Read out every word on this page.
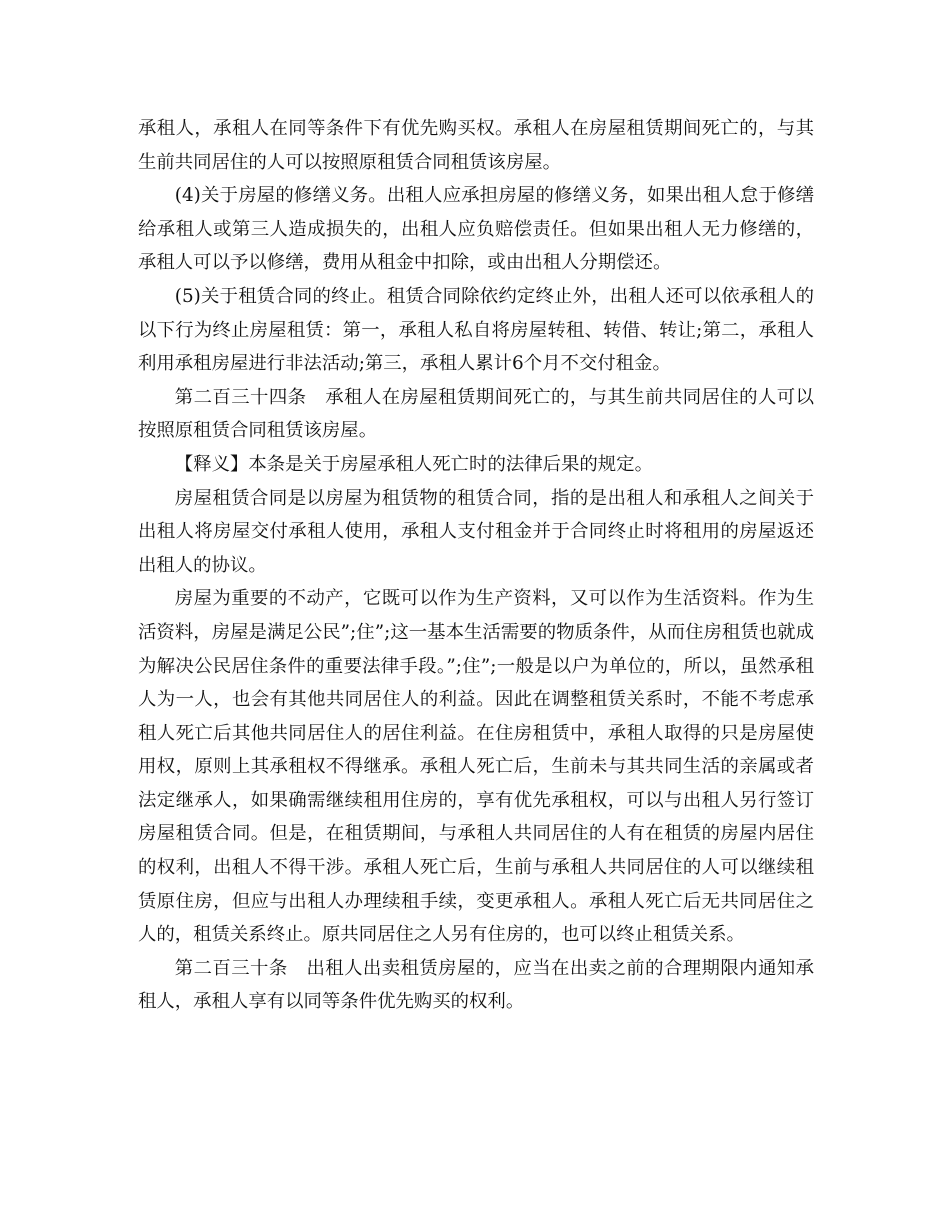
承租人，承租人在同等条件下有优先购买权。承租人在房屋租赁期间死亡的，与其生前共同居住的人可以按照原租赁合同租赁该房屋。

(4)关于房屋的修缮义务。出租人应承担房屋的修缮义务，如果出租人怠于修缮给承租人或第三人造成损失的，出租人应负赔偿责任。但如果出租人无力修缮的，承租人可以予以修缮，费用从租金中扣除，或由出租人分期偿还。

(5)关于租赁合同的终止。租赁合同除依约定终止外，出租人还可以依承租人的以下行为终止房屋租赁：第一，承租人私自将房屋转租、转借、转让;第二，承租人利用承租房屋进行非法活动;第三，承租人累计6个月不交付租金。

第二百三十四条　承租人在房屋租赁期间死亡的，与其生前共同居住的人可以按照原租赁合同租赁该房屋。

【释义】本条是关于房屋承租人死亡时的法律后果的规定。

房屋租赁合同是以房屋为租赁物的租赁合同，指的是出租人和承租人之间关于出租人将房屋交付承租人使用，承租人支付租金并于合同终止时将租用的房屋返还出租人的协议。

房屋为重要的不动产，它既可以作为生产资料，又可以作为生活资料。作为生活资料，房屋是满足公民”;住”;这一基本生活需要的物质条件，从而住房租赁也就成为解决公民居住条件的重要法律手段。”;住”;一般是以户为单位的，所以，虽然承租人为一人，也会有其他共同居住人的利益。因此在调整租赁关系时，不能不考虑承租人死亡后其他共同居住人的居住利益。在住房租赁中，承租人取得的只是房屋使用权，原则上其承租权不得继承。承租人死亡后，生前未与其共同生活的亲属或者法定继承人，如果确需继续租用住房的，享有优先承租权，可以与出租人另行签订房屋租赁合同。但是，在租赁期间，与承租人共同居住的人有在租赁的房屋内居住的权利，出租人不得干涉。承租人死亡后，生前与承租人共同居住的人可以继续租赁原住房，但应与出租人办理续租手续，变更承租人。承租人死亡后无共同居住之人的，租赁关系终止。原共同居住之人另有住房的，也可以终止租赁关系。

第二百三十条　出租人出卖租赁房屋的，应当在出卖之前的合理期限内通知承租人，承租人享有以同等条件优先购买的权利。
